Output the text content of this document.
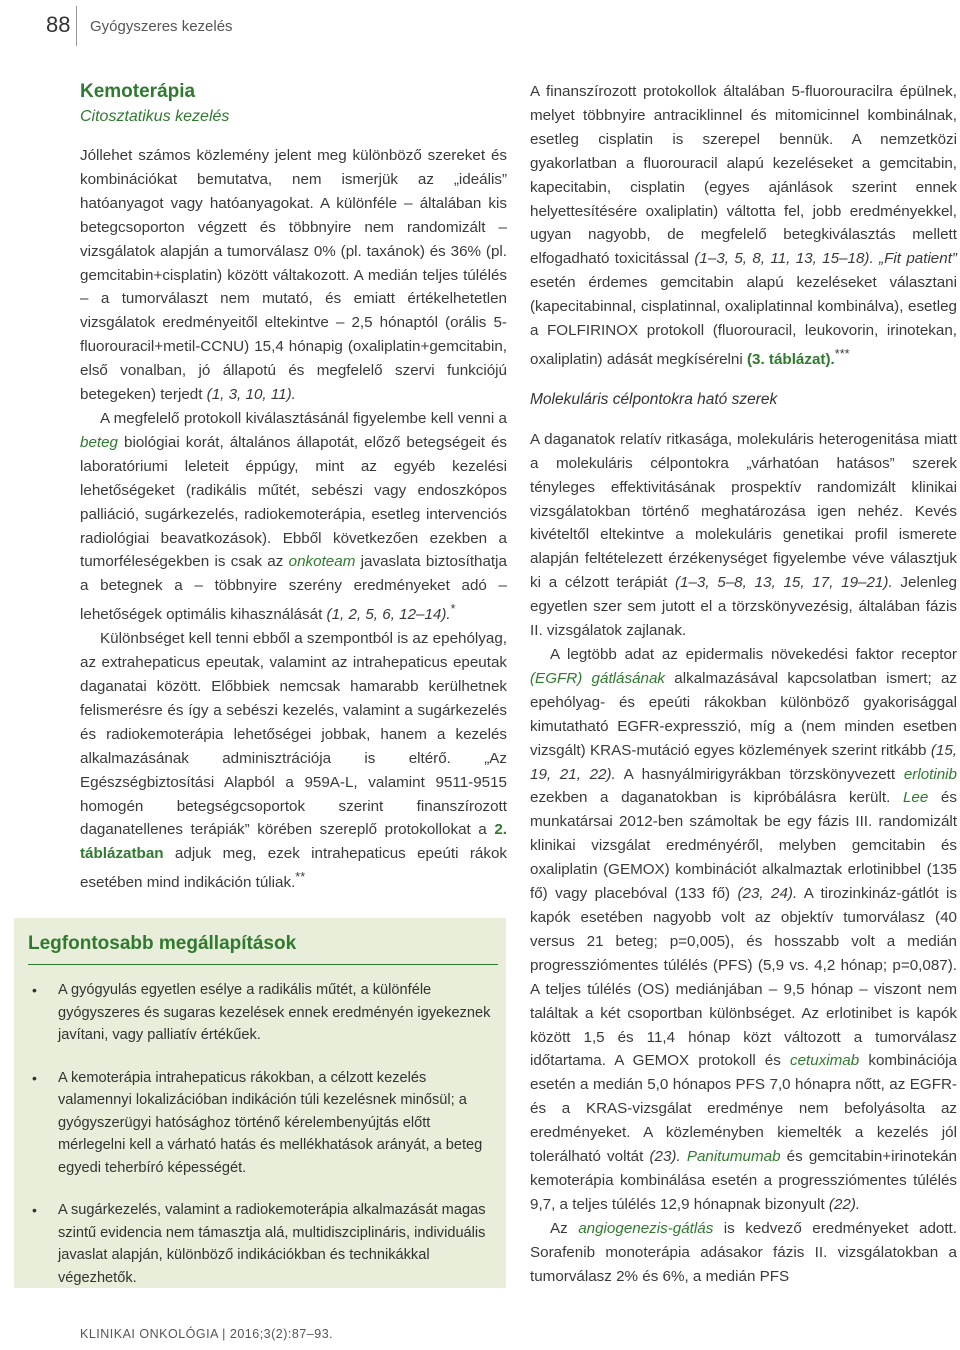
88 Gyógyszeres kezelés
Kemoterápia
Citosztatikus kezelés

Jóllehet számos közlemény jelent meg különböző szereket és kombinációkat bemutatva, nem ismerjük az „ideális” hatóanyagot vagy hatóanyagokat. A különféle – általában kis betegcsoporton végzett és többnyire nem randomizált – vizsgálatok alapján a tumorválasz 0% (pl. taxánok) és 36% (pl. gemcitabin+cisplatin) között váltakozott. A medián teljes túlélés – a tumorválaszt nem mutató, és emiatt értékelhetetlen vizsgálatok eredményeitől eltekintve – 2,5 hónaptól (orális 5-fluorouracil+metil-CCNU) 15,4 hónapig (oxaliplatin+gemcitabin, első vonalban, jó állapotú és megfelelő szervi funkciójú betegeken) terjedt (1, 3, 10, 11).

A megfelelő protokoll kiválasztásánál figyelembe kell venni a beteg biológiai korát, általános állapotát, előző betegségeit és laboratóriumi leleteit éppúgy, mint az egyéb kezelési lehetőségeket (radikális műtét, sebészi vagy endoszkópos palliáció, sugárkezelés, radiokemoterápia, esetleg intervenciós radiológiai beavatkozások). Ebből következően ezekben a tumorféleségekben is csak az onkoteam javaslata biztosíthatja a betegnek a – többnyire szerény eredményeket adó – lehetőségek optimális kihasználását (1, 2, 5, 6, 12–14).*

Különbséget kell tenni ebből a szempontból is az epehólyag, az extrahepaticus epeutak, valamint az intrahepaticus epeutak daganatai között. Előbbiek nemcsak hamarabb kerülhetnek felismerésre és így a sebészi kezelés, valamint a sugárkezelés és radiokemoterápia lehetőségei jobbak, hanem a kezelés alkalmazásának adminisztrációja is eltérő. „Az Egészségbiztosítási Alapból a 959A-L, valamint 9511-9515 homogén betegségcsoportok szerint finanszírozott daganatellenes terápiák” körében szereplő protokollokat a 2. táblázatban adjuk meg, ezek intrahepaticus epeúti rákok esetében mind indikáción túliak.**

Legfontosabb megállapítások
• A gyógyulás egyetlen esélye a radikális műtét, a különféle gyógyszeres és sugaras kezelések ennek eredményén igyekeznek javítani, vagy palliatív értékűek.
• A kemoterápia intrahepaticus rákokban, a célzott kezelés valamennyi lokalizációban indikáción túli kezelésnek minősül; a gyógyszerügyi hatósághoz történő kérelembenyújtás előtt mérlegelni kell a várható hatás és mellékhatások arányát, a beteg egyedi teherbíró képességét.
• A sugárkezelés, valamint a radiokemoterápia alkalmazását magas szintű evidencia nem támasztja alá, multidiszciplináris, individuális javaslat alapján, különböző indikációkban és technikákkal végezhetők.

A finanszírozott protokollok általában 5-fluorouracilra épülnek, melyet többnyire antraciklinnel és mitomicinnel kombinálnak, esetleg cisplatin is szerepel bennük. A nemzetközi gyakorlatban a fluorouracil alapú kezeléseket a gemcitabin, kapecitabin, cisplatin (egyes ajánlások szerint ennek helyettesítésére oxaliplatin) váltotta fel, jobb eredményekkel, ugyan nagyobb, de megfelelő betegkiválasztás mellett elfogadható toxicitással (1–3, 5, 8, 11, 13, 15–18). „Fit patient” esetén érdemes gemcitabin alapú kezeléseket választani (kapecitabinnal, cisplatinnal, oxaliplatinnal kombinálva), esetleg a FOLFIRINOX protokoll (fluorouracil, leukovorin, irinotekan, oxaliplatin) adását megkísérelni (3. táblázat).***

Molekuláris célpontokra ható szerek

A daganatok relatív ritkasága, molekuláris heterogenitása miatt a molekuláris célpontokra „várhatóan hatásos” szerek tényleges effektivitásának prospektív randomizált klinikai vizsgálatokban történő meghatározása igen nehéz. Kevés kivételtől eltekintve a molekuláris genetikai profil ismerete alapján feltételezett érzékenységet figyelembe véve választjuk ki a célzott terápiát (1–3, 5–8, 13, 15, 17, 19–21). Jelenleg egyetlen szer sem jutott el a törzskönyvezésig, általában fázis II. vizsgálatok zajlanak.

A legtöbb adat az epidermalis növekedési faktor receptor (EGFR) gátlásának alkalmazásával kapcsolatban ismert; az epehólyag- és epeúti rákokban különböző gyakorisággal kimutatható EGFR-expresszió, míg a (nem minden esetben vizsgált) KRAS-mutáció egyes közlemények szerint ritkább (15, 19, 21, 22). A hasnyálmirigyrákban törzskönyvezett erlotinib ezekben a daganatokban is kipróbálásra került. Lee és munkatársai 2012-ben számoltak be egy fázis III. randomizált klinikai vizsgálat eredményéről, melyben gemcitabin és oxaliplatin (GEMOX) kombinációt alkalmaztak erlotinibbel (135 fő) vagy placebóval (133 fő) (23, 24). A tirozinkináz-gátlót is kapók esetében nagyobb volt az objektív tumorválasz (40 versus 21 beteg; p=0,005), és hosszabb volt a medián progressziómentes túlélés (PFS) (5,9 vs. 4,2 hónap; p=0,087). A teljes túlélés (OS) mediánjában – 9,5 hónap – viszont nem találtak a két csoportban különbséget. Az erlotinibet is kapók között 1,5 és 11,4 hónap közt változott a tumorválasz időtartama. A GEMOX protokoll és cetuximab kombinációja esetén a medián 5,0 hónapos PFS 7,0 hónapra nőtt, az EGFR- és a KRAS-vizsgálat eredménye nem befolyásolta az eredményeket. A közleményben kiemelték a kezelés jól tolerálható voltát (23). Panitumumab és gemcitabin+irinotekán kemoterápia kombinálása esetén a progressziómentes túlélés 9,7, a teljes túlélés 12,9 hónapnak bizonyult (22).

Az angiogenezis-gátlás is kedvező eredményeket adott. Sorafenib monoterápia adásakor fázis II. vizsgálatokban a tumorválasz 2% és 6%, a medián PFS

KLINIKAI ONKOLÓGIA | 2016;3(2):87–93.
